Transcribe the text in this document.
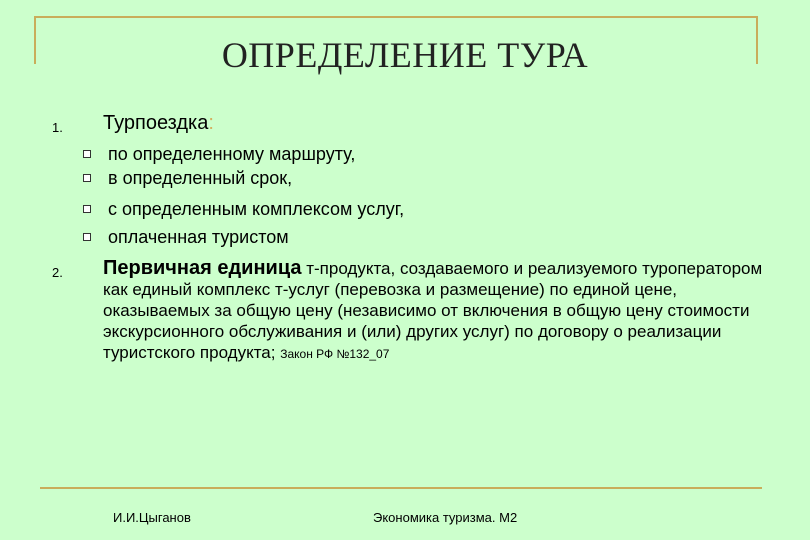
ОПРЕДЕЛЕНИЕ ТУРА
1. Турпоездка:
по определенному маршруту,
в определенный срок,
с определенным комплексом услуг,
оплаченная туристом
2. Первичная единица т-продукта, создаваемого и реализуемого туроператором как единый комплекс т-услуг (перевозка и размещение) по единой цене, оказываемых за общую цену (независимо от включения в общую цену стоимости экскурсионного обслуживания и (или) других услуг) по договору о реализации туристского продукта; Закон РФ №132_07
И.И.Цыганов	Экономика туризма. М2
